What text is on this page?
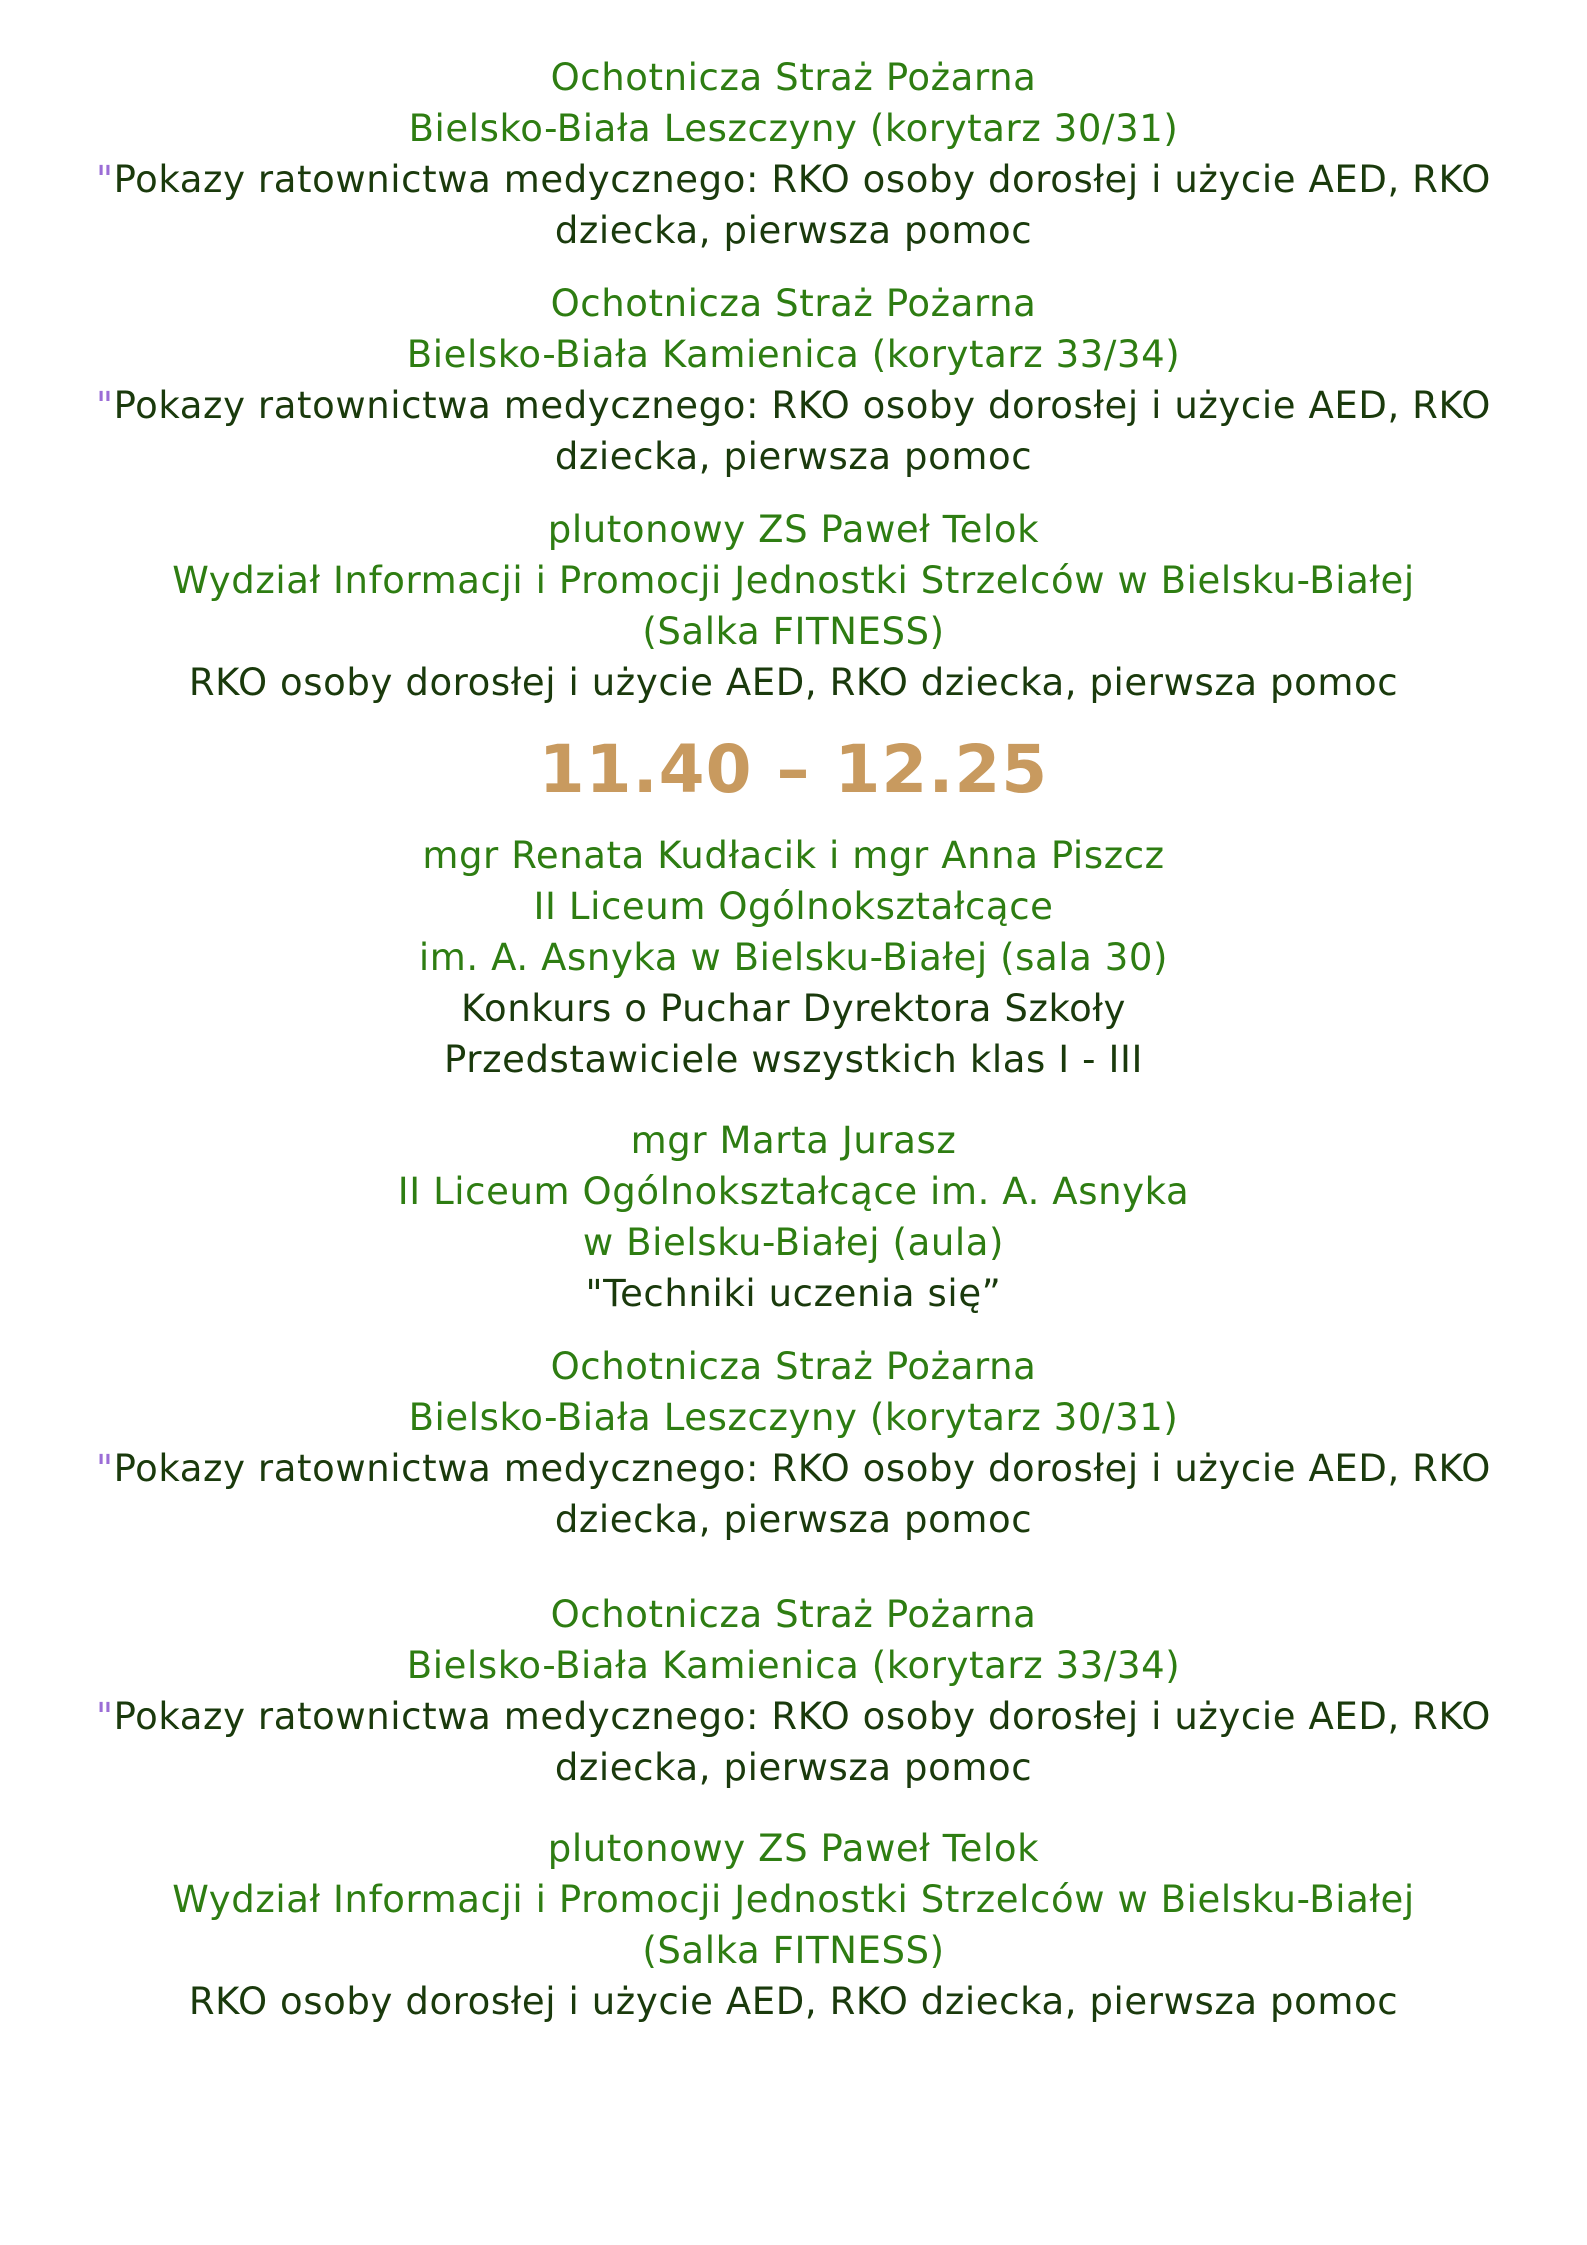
Ochotnicza Straż Pożarna
Bielsko-Biała Leszczyny (korytarz 30/31)
"Pokazy ratownictwa medycznego: RKO osoby dorosłej i użycie AED, RKO
dziecka, pierwsza pomoc
Ochotnicza Straż Pożarna
Bielsko-Biała Kamienica (korytarz 33/34)
"Pokazy ratownictwa medycznego: RKO osoby dorosłej i użycie AED, RKO
dziecka, pierwsza pomoc
plutonowy ZS Paweł Telok
Wydział Informacji i Promocji Jednostki Strzelców w Bielsku-Białej
(Salka FITNESS)
RKO osoby dorosłej i użycie AED, RKO dziecka, pierwsza pomoc
11.40 – 12.25
mgr Renata Kudłacik i mgr Anna Piszcz
II Liceum Ogólnokształcące
im. A. Asnyka w Bielsku-Białej (sala 30)
Konkurs o Puchar Dyrektora Szkoły
Przedstawiciele wszystkich klas I - III
mgr Marta Jurasz
II Liceum Ogólnokształcące im. A. Asnyka
w Bielsku-Białej (aula)
"Techniki uczenia się”
Ochotnicza Straż Pożarna
Bielsko-Biała Leszczyny (korytarz 30/31)
"Pokazy ratownictwa medycznego: RKO osoby dorosłej i użycie AED, RKO
dziecka, pierwsza pomoc
Ochotnicza Straż Pożarna
Bielsko-Biała Kamienica (korytarz 33/34)
"Pokazy ratownictwa medycznego: RKO osoby dorosłej i użycie AED, RKO
dziecka, pierwsza pomoc
plutonowy ZS Paweł Telok
Wydział Informacji i Promocji Jednostki Strzelców w Bielsku-Białej
(Salka FITNESS)
RKO osoby dorosłej i użycie AED, RKO dziecka, pierwsza pomoc
